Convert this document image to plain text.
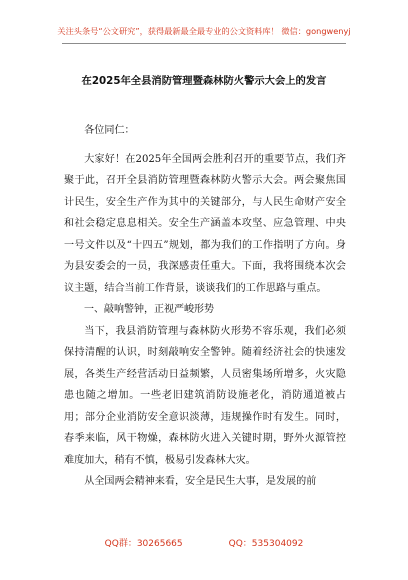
关注头条号“公文研究”，获得最新最全最专业的公文资料库！ 微信：gongwenyj
在2025年全县消防管理暨森林防火警示大会上的发言

各位同仁：

大家好！在2025年全国两会胜利召开的重要节点，我们齐聚于此，召开全县消防管理暨森林防火警示大会。两会聚焦国计民生，安全生产作为其中的关键部分，与人民生命财产安全和社会稳定息息相关。安全生产涵盖本攻坚、应急管理、中央一号文件以及“十四五”规划，都为我们的工作指明了方向。身为县安委会的一员，我深感责任重大。下面，我将围绕本次会议主题，结合当前工作背景，谈谈我们的工作思路与重点。

一、敲响警钟，正视严峻形势

当下，我县消防管理与森林防火形势不容乐观，我们必须保持清醒的认识，时刻敲响安全警钟。随着经济社会的快速发展，各类生产经营活动日益频繁，人员密集场所增多，火灾隐患也随之增加。一些老旧建筑消防设施老化，消防通道被占用；部分企业消防安全意识淡薄，违规操作时有发生。同时，春季来临，风干物燥，森林防火进入关键时期，野外火源管控难度加大，稍有不慎，极易引发森林大灾。

从全国两会精神来看，安全是民生大事，是发展的前

QQ群：30265665	QQ：535304092
